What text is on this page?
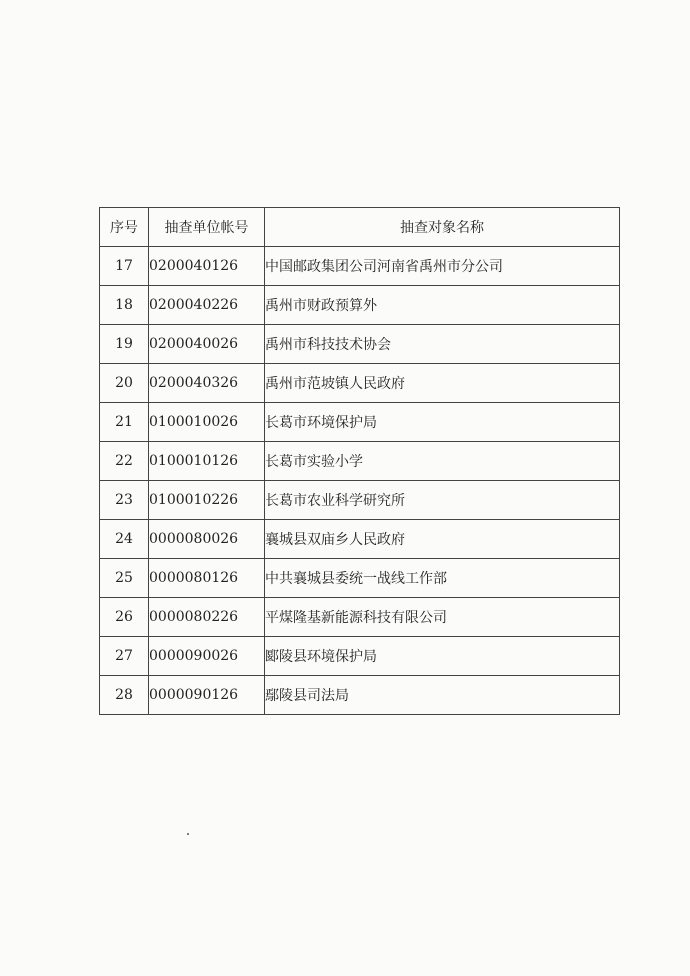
序号	抽查单位帐号	抽查对象名称
17	0200040126	中国邮政集团公司河南省禹州市分公司
18	0200040226	禹州市财政预算外
19	0200040026	禹州市科技技术协会
20	0200040326	禹州市范坡镇人民政府
21	0100010026	长葛市环境保护局
22	0100010126	长葛市实验小学
23	0100010226	长葛市农业科学研究所
24	0000080026	襄城县双庙乡人民政府
25	0000080126	中共襄城县委统一战线工作部
26	0000080226	平煤隆基新能源科技有限公司
27	0000090026	郾陵县环境保护局
28	0000090126	鄢陵县司法局
